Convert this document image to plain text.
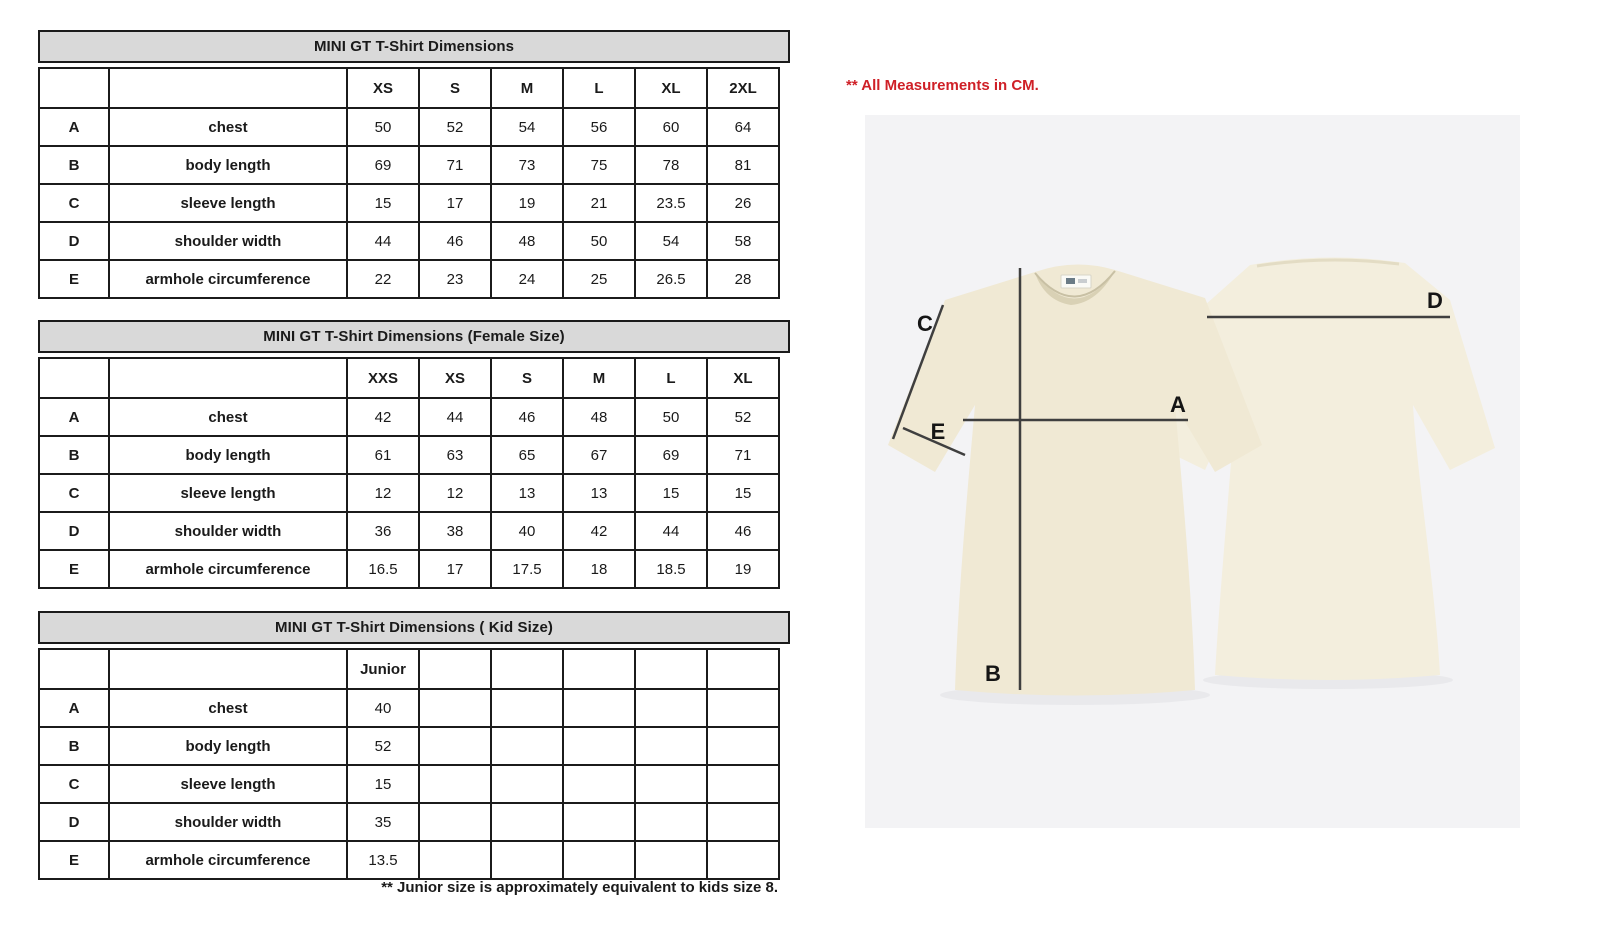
MINI GT T-Shirt Dimensions
		XS	S	M	L	XL	2XL
A	chest	50	52	54	56	60	64
B	body length	69	71	73	75	78	81
C	sleeve length	15	17	19	21	23.5	26
D	shoulder width	44	46	48	50	54	58
E	armhole circumference	22	23	24	25	26.5	28
MINI GT T-Shirt Dimensions (Female Size)
		XXS	XS	S	M	L	XL
A	chest	42	44	46	48	50	52
B	body length	61	63	65	67	69	71
C	sleeve length	12	12	13	13	15	15
D	shoulder width	36	38	40	42	44	46
E	armhole circumference	16.5	17	17.5	18	18.5	19
MINI GT T-Shirt Dimensions ( Kid Size)
		Junior					
A	chest	40					
B	body length	52					
C	sleeve length	15					
D	shoulder width	35					
E	armhole circumference	13.5					
** Junior size is approximately equivalent to kids size 8.
** All Measurements in CM.
A
B
C
D
E
